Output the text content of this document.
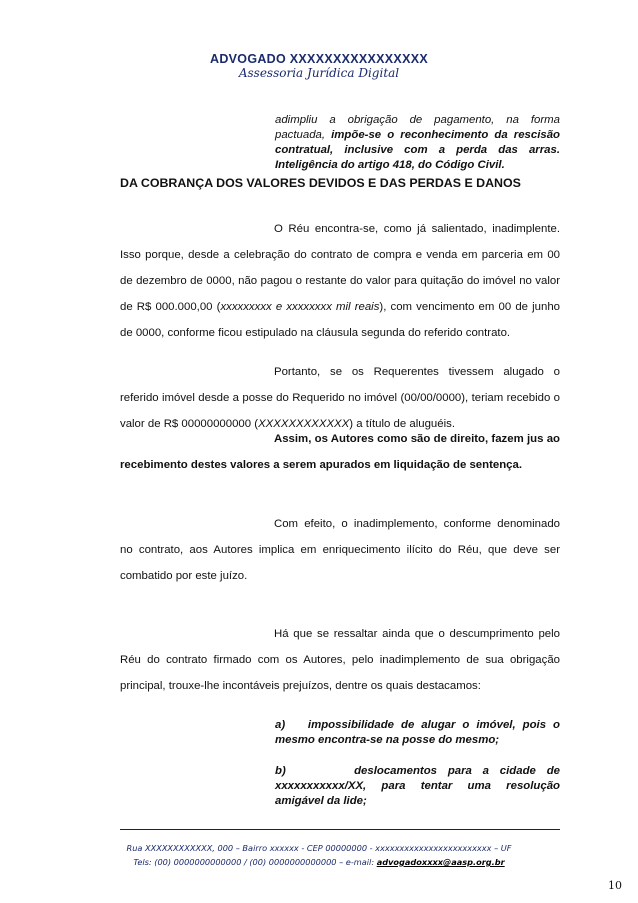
ADVOGADO XXXXXXXXXXXXXXXX
Assessoria Jurídica Digital
adimpliu a obrigação de pagamento, na forma pactuada, impõe-se o reconhecimento da rescisão contratual, inclusive com a perda das arras. Inteligência do artigo 418, do Código Civil.
DA COBRANÇA DOS VALORES DEVIDOS E DAS PERDAS E DANOS
O Réu encontra-se, como já salientado, inadimplente. Isso porque, desde a celebração do contrato de compra e venda em parceria em 00 de dezembro de 0000, não pagou o restante do valor para quitação do imóvel no valor de R$ 000.000,00 (xxxxxxxxx e xxxxxxxx mil reais), com vencimento em 00 de junho de 0000, conforme ficou estipulado na cláusula segunda do referido contrato.
Portanto, se os Requerentes tivessem alugado o referido imóvel desde a posse do Requerido no imóvel (00/00/0000), teriam recebido o valor de R$ 00000000000 (XXXXXXXXXXXX) a título de aluguéis.
Assim, os Autores como são de direito, fazem jus ao recebimento destes valores a serem apurados em liquidação de sentença.
Com efeito, o inadimplemento, conforme denominado no contrato, aos Autores implica em enriquecimento ilícito do Réu, que deve ser combatido por este juízo.
Há que se ressaltar ainda que o descumprimento pelo Réu do contrato firmado com os Autores, pelo inadimplemento de sua obrigação principal, trouxe-lhe incontáveis prejuízos, dentre os quais destacamos:
a)  impossibilidade de alugar o imóvel, pois o mesmo encontra-se na posse do mesmo;
b)      deslocamentos para a cidade de xxxxxxxxxxx/XX, para tentar uma resolução amigável da lide;
Rua XXXXXXXXXXXX, 000 – Bairro xxxxxx - CEP 00000000 - xxxxxxxxxxxxxxxxxxxxxxxx – UF
Tels: (00) 0000000000000 / (00) 0000000000000 – e-mail: advogadoxxxx@aasp.org.br
10
